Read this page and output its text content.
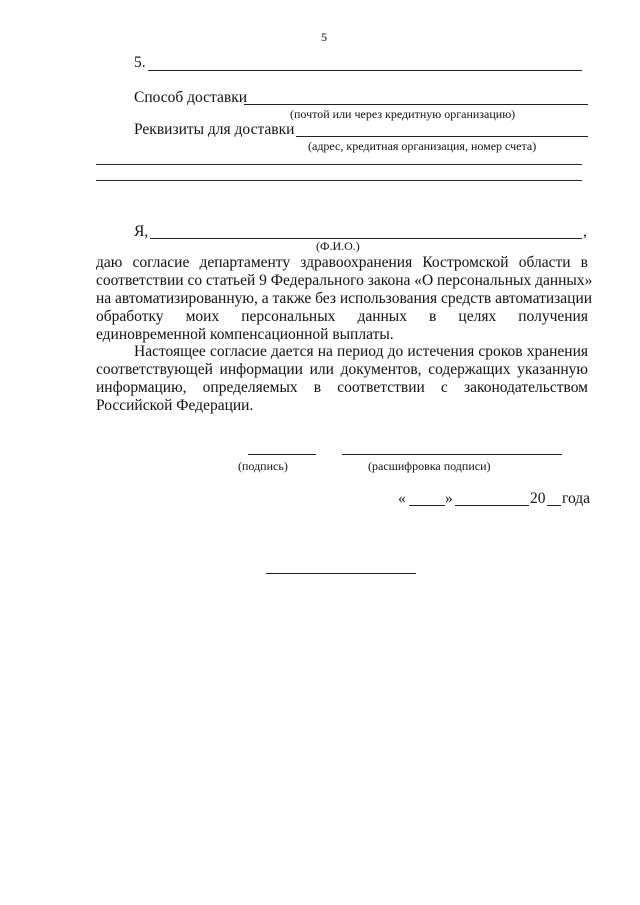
5
5.
Способ доставки
(почтой или через кредитную организацию)
Реквизиты для доставки
(адрес, кредитная организация, номер счета)
Я,	,
(Ф.И.О.)
даю согласие департаменту здравоохранения Костромской области в
соответствии со статьей 9 Федерального закона «О персональных данных»
на автоматизированную, а также без использования средств автоматизации
обработку моих персональных данных в целях получения
единовременной компенсационной выплаты.
Настоящее согласие дается на период до истечения сроков хранения
соответствующей информации или документов, содержащих указанную
информацию, определяемых в соответствии с законодательством
Российской Федерации.
(подпись)	(расшифровка подписи)
«	»	20 года
